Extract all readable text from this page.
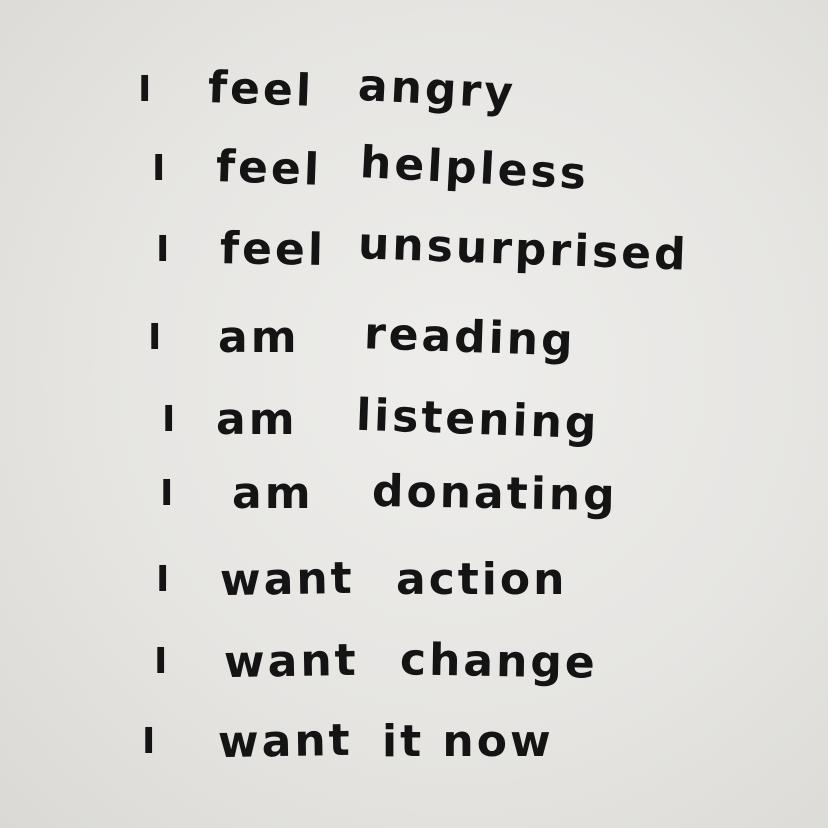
I feel angry
I feel helpless
I feel unsurprised
I am reading
I am listening
I am donating
I want action
I want change
I want it now
